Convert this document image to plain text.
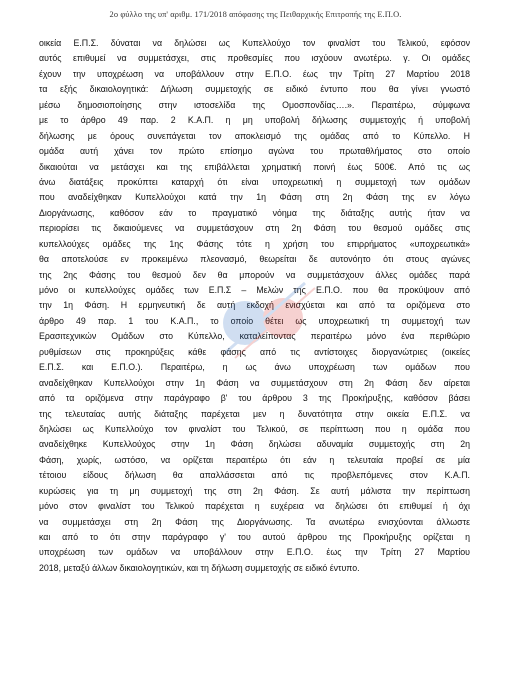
2ο φύλλο της υπ' αριθμ. 171/2018 απόφασης της Πειθαρχικής Επιτροπής της Ε.Π.Ο.
οικεία Ε.Π.Σ. δύναται να δηλώσει ως Κυπελλούχο τον φιναλίστ του Τελικού, εφόσον
αυτός επιθυμεί να συμμετάσχει, στις προθεσμίες που ισχύουν ανωτέρω. γ. Οι ομάδες
έχουν την υποχρέωση να υποβάλλουν στην Ε.Π.Ο. έως την Τρίτη 27 Μαρτίου 2018
τα εξής δικαιολογητικά: Δήλωση συμμετοχής σε ειδικό έντυπο που θα γίνει γνωστό
μέσω δημοσιοποίησης στην ιστοσελίδα της Ομοσπονδίας….». Περαιτέρω, σύμφωνα
με το άρθρο 49 παρ. 2 Κ.Α.Π. η μη υποβολή δήλωσης συμμετοχής ή υποβολή
δήλωσης με όρους συνεπάγεται τον αποκλεισμό της ομάδας από το Κύπελλο. Η
ομάδα αυτή χάνει τον πρώτο επίσημο αγώνα του πρωταθλήματος στο οποίο
δικαιούται να μετάσχει και της επιβάλλεται χρηματική ποινή έως 500€. Από τις ως
άνω διατάξεις προκύπτει καταρχή ότι είναι υποχρεωτική η συμμετοχή των ομάδων
που αναδείχθηκαν Κυπελλούχοι κατά την 1η Φάση στη 2η Φάση της εν λόγω
Διοργάνωσης, καθόσον εάν το πραγματικό νόημα της διάταξης αυτής ήταν να
περιορίσει τις δικαιούμενες να συμμετάσχουν στη 2η Φάση του θεσμού ομάδες στις
κυπελλούχες ομάδες της 1ης Φάσης τότε η χρήση του επιρρήματος «υποχρεωτικά»
θα αποτελούσε εν προκειμένω πλεονασμό, θεωρείται δε αυτονόητο ότι στους αγώνες
της 2ης Φάσης του θεσμού δεν θα μπορούν να συμμετάσχουν άλλες ομάδες παρά
μόνο οι κυπελλούχες ομάδες των Ε.Π.Σ – Μελών της Ε.Π.Ο. που θα προκύψουν από
την 1η Φάση. Η ερμηνευτική δε αυτή εκδοχή ενισχύεται και από τα οριζόμενα στο
άρθρο 49 παρ. 1 του Κ.Α.Π., το οποίο θέτει ως υποχρεωτική τη συμμετοχή των
Ερασιτεχνικών Ομάδων στο Κύπελλο, καταλείποντας περαιτέρω μόνο ένα περιθώριο
ρυθμίσεων στις προκηρύξεις κάθε φάσης από τις αντίστοιχες διοργανώτριες (οικείες
Ε.Π.Σ. και Ε.Π.Ο.). Περαιτέρω, η ως άνω υποχρέωση των ομάδων που
αναδείχθηκαν Κυπελλούχοι στην 1η Φάση να συμμετάσχουν στη 2η Φάση δεν αίρεται
από τα οριζόμενα στην παράγραφο β' του άρθρου 3 της Προκήρυξης, καθόσον βάσει
της τελευταίας αυτής διάταξης παρέχεται μεν η δυνατότητα στην οικεία Ε.Π.Σ. να
δηλώσει ως Κυπελλούχο τον φιναλίστ του Τελικού, σε περίπτωση που η ομάδα που
αναδείχθηκε Κυπελλούχος στην 1η Φάση δηλώσει αδυναμία συμμετοχής στη 2η
Φάση, χωρίς, ωστόσο, να ορίζεται περαιτέρω ότι εάν η τελευταία προβεί σε μία
τέτοιου είδους δήλωση θα απαλλάσσεται από τις προβλεπόμενες στον Κ.Α.Π.
κυρώσεις για τη μη συμμετοχή της στη 2η Φάση. Σε αυτή μάλιστα την περίπτωση
μόνο στον φιναλίστ του Τελικού παρέχεται η ευχέρεια να δηλώσει ότι επιθυμεί ή όχι
να συμμετάσχει στη 2η Φάση της Διοργάνωσης. Τα ανωτέρω ενισχύονται άλλωστε
και από το ότι στην παράγραφο γ' του αυτού άρθρου της Προκήρυξης ορίζεται η
υποχρέωση των ομάδων να υποβάλλουν στην Ε.Π.Ο. έως την Τρίτη 27 Μαρτίου
2018, μεταξύ άλλων δικαιολογητικών, και τη δήλωση συμμετοχής σε ειδικό έντυπο.
